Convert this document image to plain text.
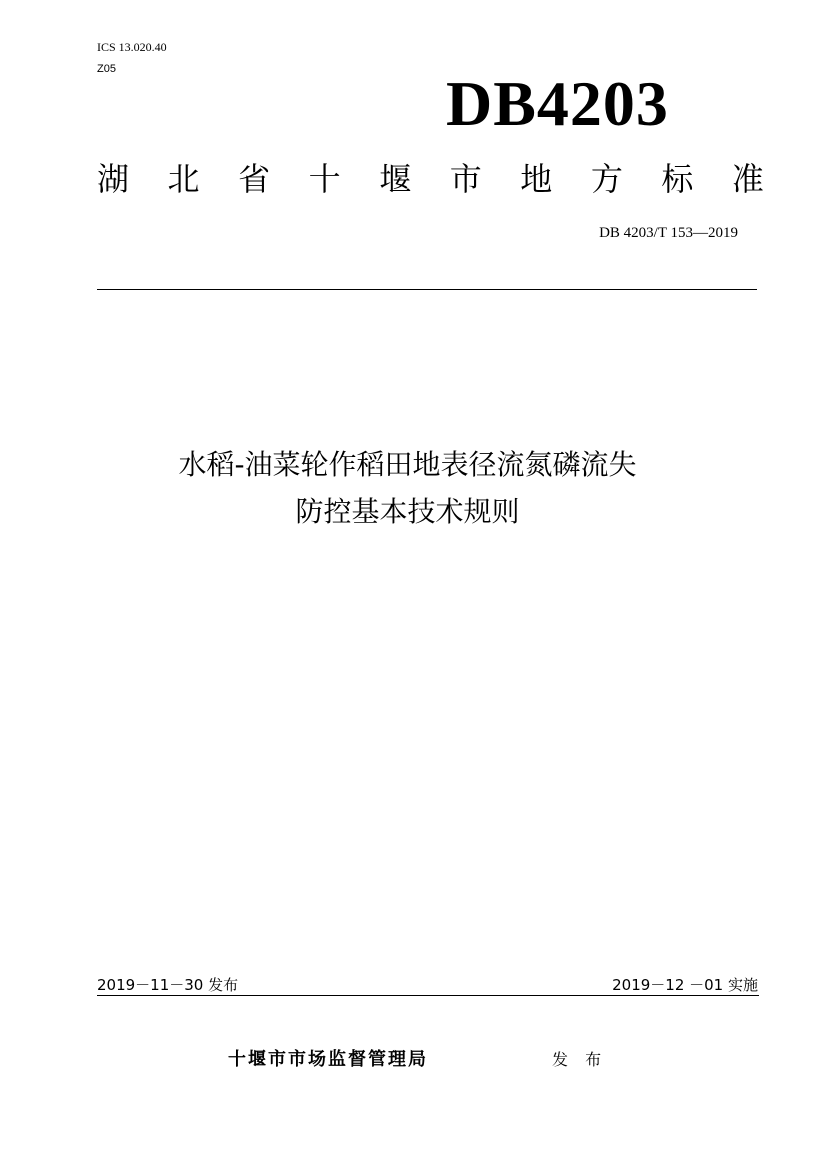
ICS 13.020.40
Z05	DB4203
湖 北 省 十 堰 市 地 方 标 准
DB 4203/T 153—2019
水稻-油菜轮作稻田地表径流氮磷流失
防控基本技术规则
2019－11－30 发布	2019－12 －01 实施
十堰市市场监督管理局	发 布
